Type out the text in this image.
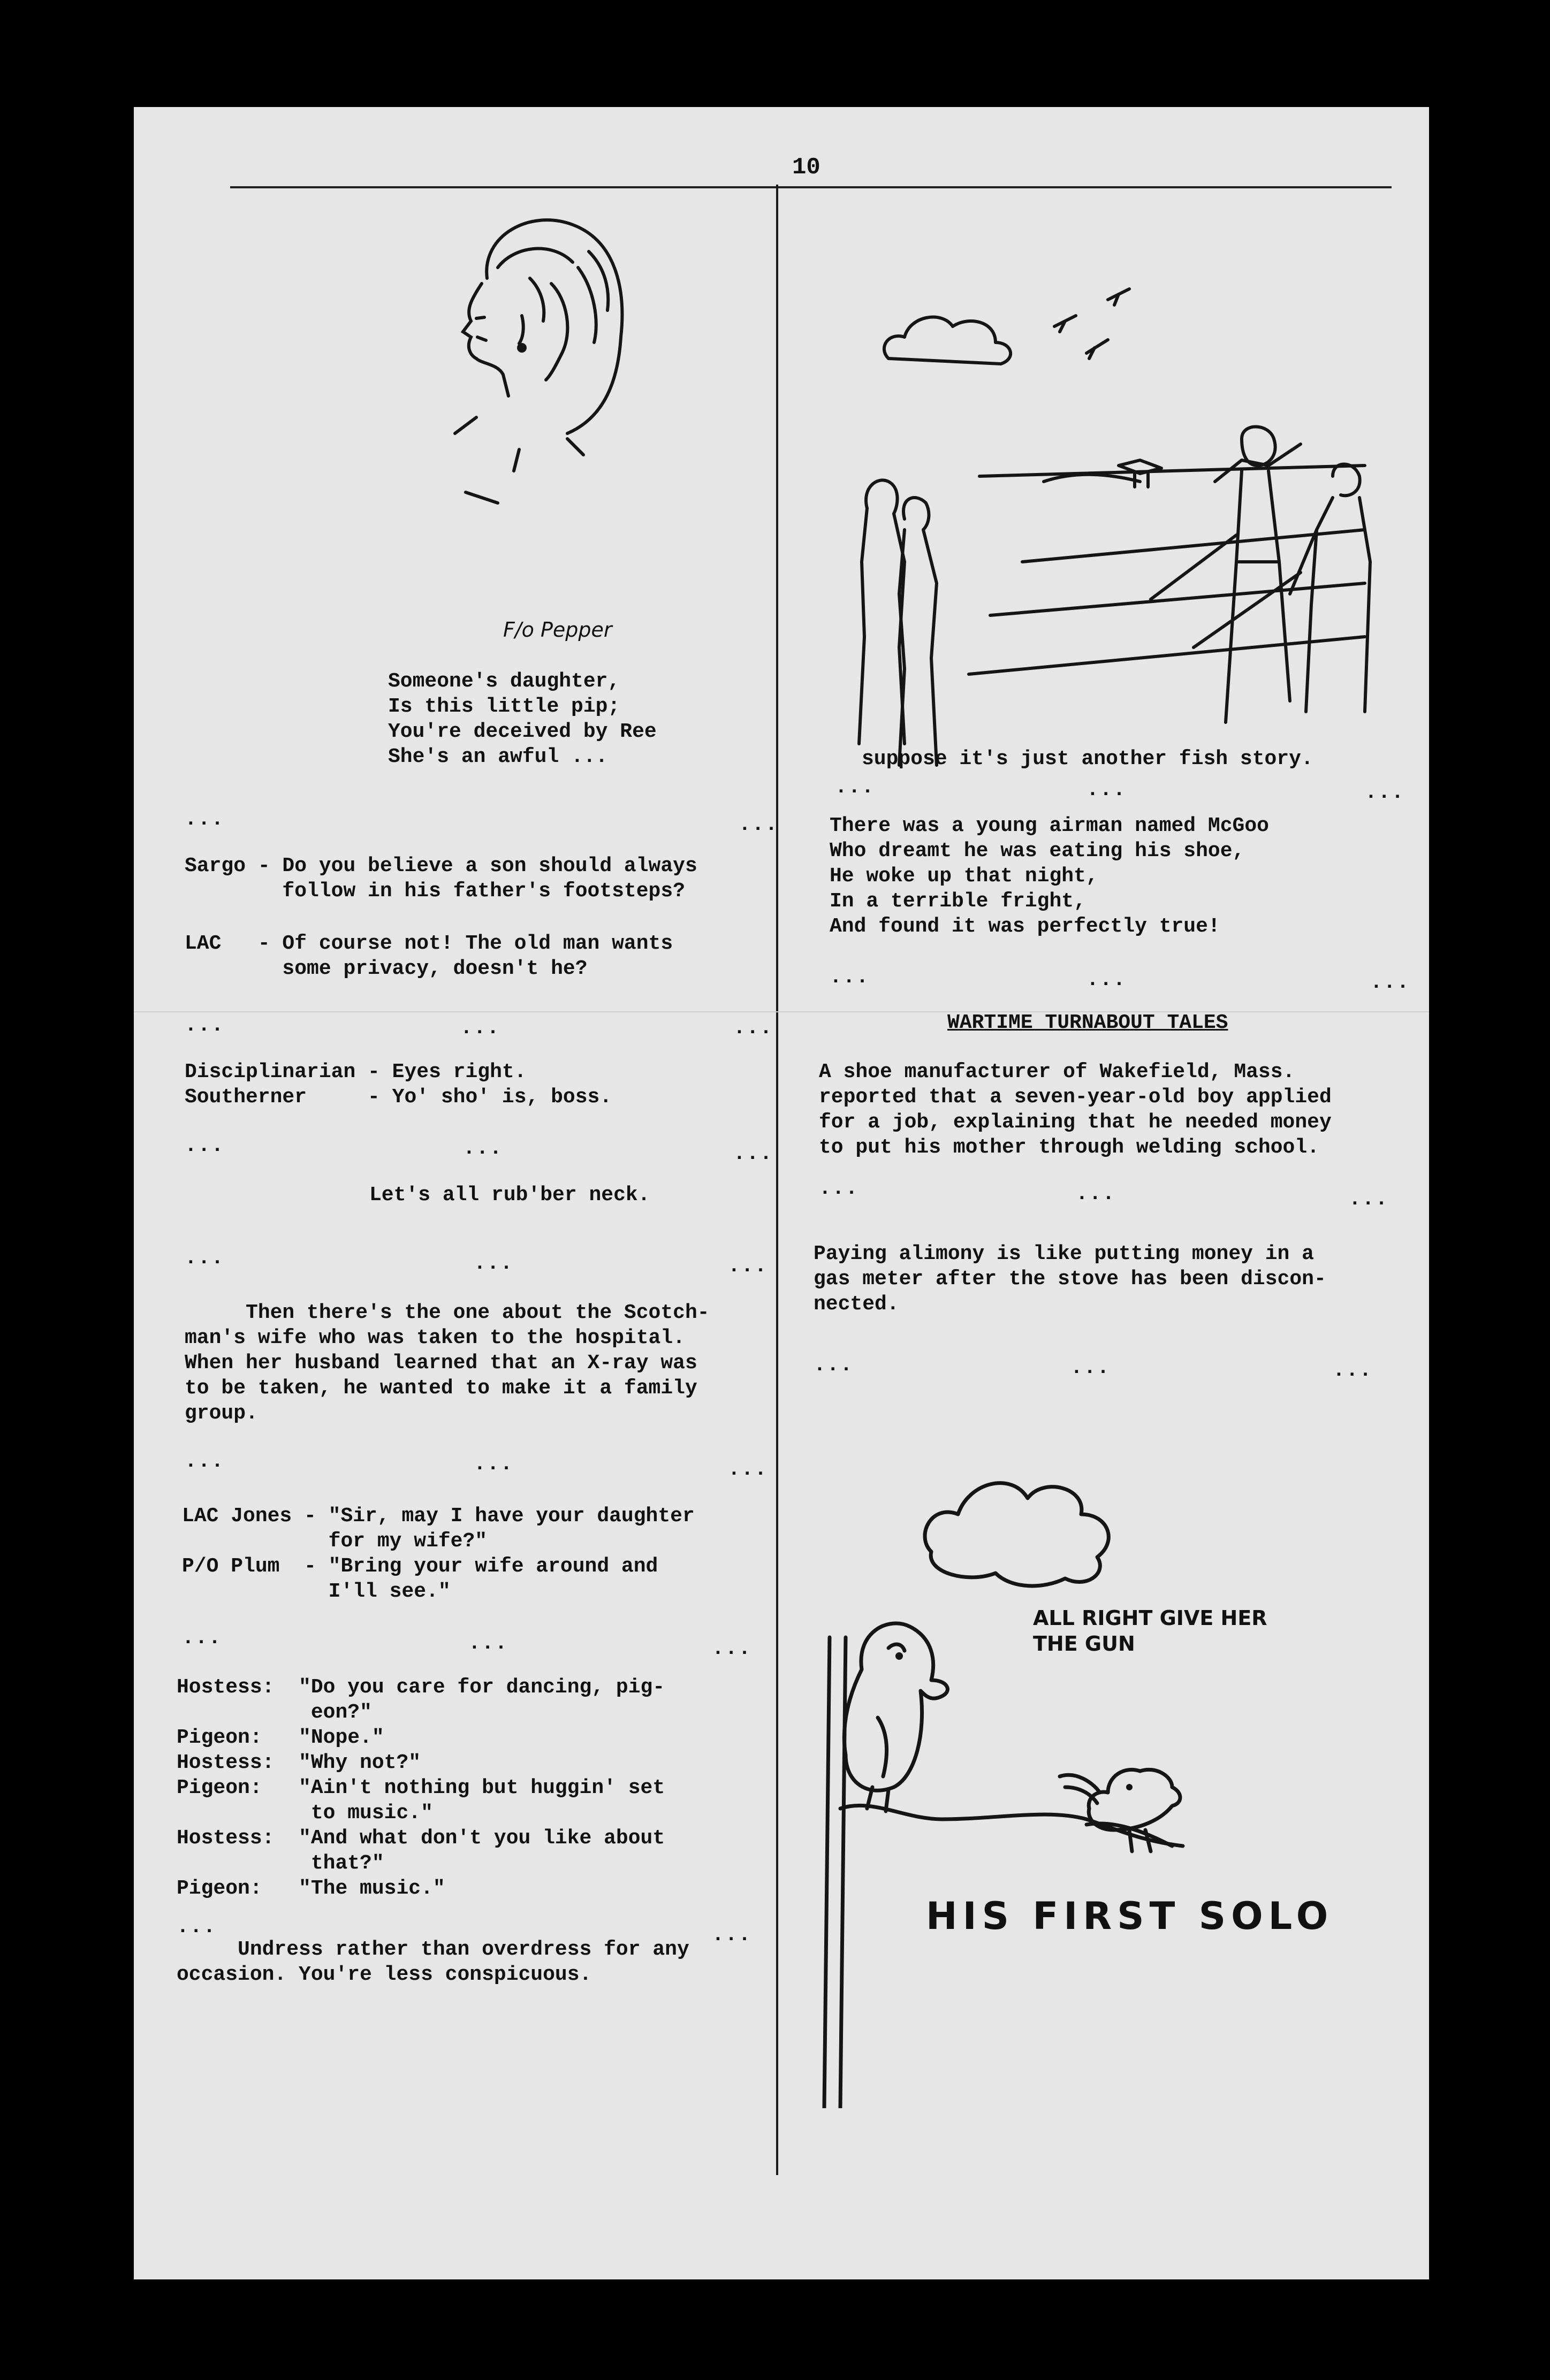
10
F/o Pepper
Someone's daughter,
Is this little pip;
You're deceived by Ree
She's an awful ...
...	...
Sargo - Do you believe a son should always
follow in his father's footsteps?
LAC   - Of course not! The old man wants
some privacy, doesn't he?
...	...	...
Disciplinarian - Eyes right.
Southerner     - Yo' sho' is, boss.
...	...	...
Let's all rub'ber neck.
...	...	...
Then there's the one about the Scotch-
man's wife who was taken to the hospital.
When her husband learned that an X-ray was
to be taken, he wanted to make it a family
group.
...	...	...
LAC Jones - "Sir, may I have your daughter
for my wife?"
P/O Plum  - "Bring your wife around and
I'll see."
...	...	...
Hostess:  "Do you care for dancing, pig-
eon?"
Pigeon:   "Nope."
Hostess:  "Why not?"
Pigeon:   "Ain't nothing but huggin' set
to music."
Hostess:  "And what don't you like about
that?"
Pigeon:   "The music."
...	...
Undress rather than overdress for any
occasion. You're less conspicuous.
suppose it's just another fish story.
...	...	...
There was a young airman named McGoo
Who dreamt he was eating his shoe,
He woke up that night,
In a terrible fright,
And found it was perfectly true!
...	...	...
WARTIME TURNABOUT TALES
A shoe manufacturer of Wakefield, Mass.
reported that a seven-year-old boy applied
for a job, explaining that he needed money
to put his mother through welding school.
...	...	...
Paying alimony is like putting money in a
gas meter after the stove has been discon-
nected.
...	...	...
ALL RIGHT GIVE HER
THE GUN
HIS FIRST SOLO
